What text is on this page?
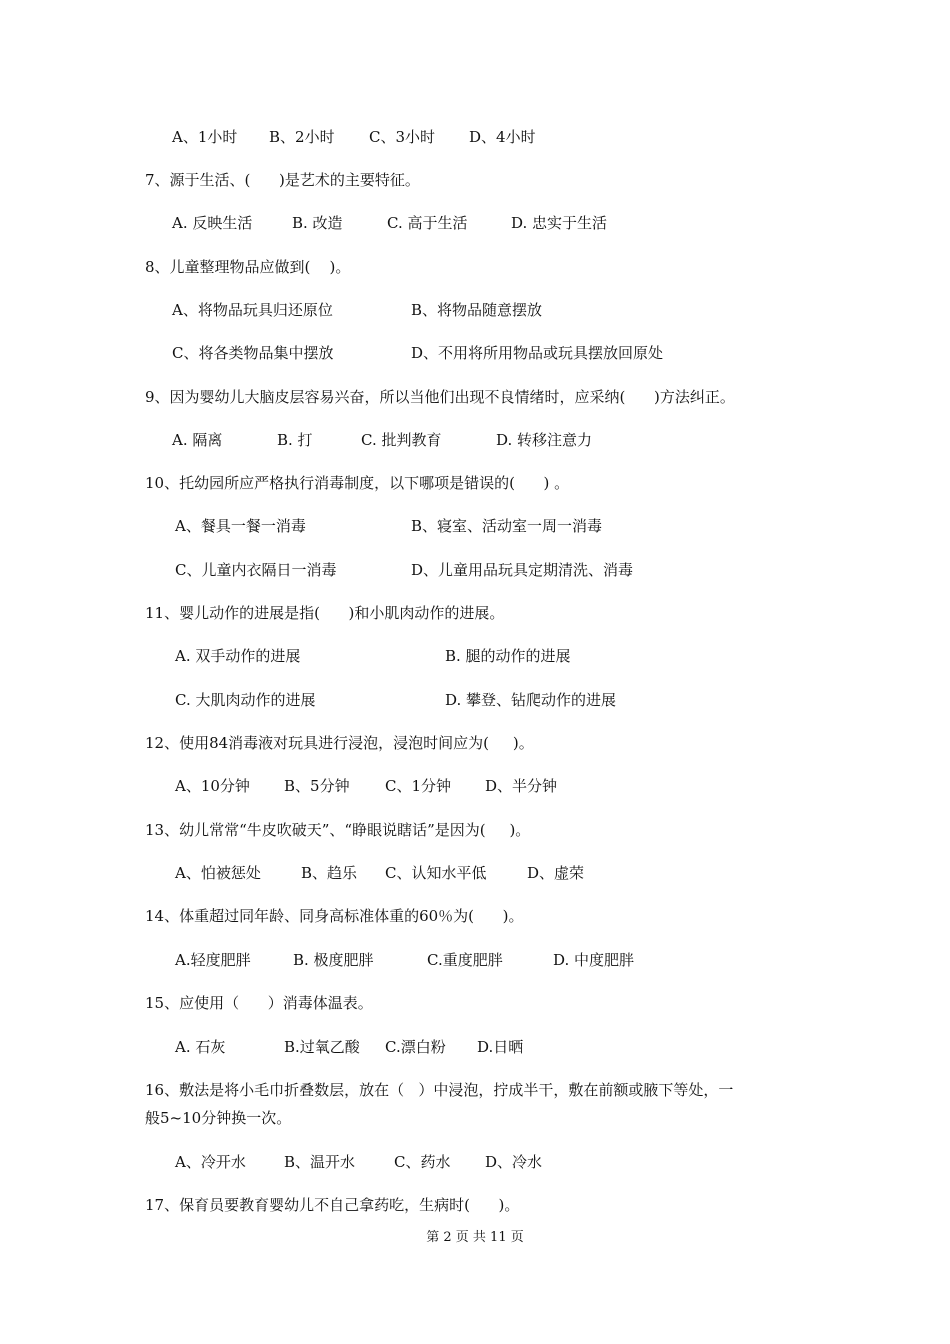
A、1小时 B、2小时 C、3小时 D、4小时
7、源于生活、(      )是艺术的主要特征。
A. 反映生活	B. 改造	C. 高于生活	D. 忠实于生活
8、儿童整理物品应做到(    )。
A、将物品玩具归还原位	B、将物品随意摆放
C、将各类物品集中摆放	D、不用将所用物品或玩具摆放回原处
9、因为婴幼儿大脑皮层容易兴奋，所以当他们出现不良情绪时，应采纳(      )方法纠正。
A. 隔离	B. 打	C. 批判教育	D. 转移注意力
10、托幼园所应严格执行消毒制度，以下哪项是错误的(      ) 。
A、餐具一餐一消毒	B、寝室、活动室一周一消毒
C、儿童内衣隔日一消毒	D、儿童用品玩具定期清洗、消毒
11、婴儿动作的进展是指(      )和小肌肉动作的进展。
A. 双手动作的进展	B. 腿的动作的进展
C. 大肌肉动作的进展	D. 攀登、钻爬动作的进展
12、使用84消毒液对玩具进行浸泡，浸泡时间应为(     )。
A、10分钟 B、5分钟 C、1分钟 D、半分钟
13、幼儿常常“牛皮吹破天”、“睁眼说瞎话”是因为(     )。
A、怕被惩处	B、趋乐 C、认知水平低	D、虚荣
14、体重超过同年龄、同身高标准体重的60％为(      )。
A.轻度肥胖	B. 极度肥胖	C.重度肥胖	D. 中度肥胖
15、应使用（      ）消毒体温表。
A. 石灰	B.过氧乙酸 C.漂白粉 D.日晒
16、敷法是将小毛巾折叠数层，放在（   ）中浸泡，拧成半干，敷在前额或腋下等处，一
般5~10分钟换一次。
A、冷开水	B、温开水	C、药水 D、冷水
17、保育员要教育婴幼儿不自己拿药吃，生病时(      )。
第 2 页 共 11 页
